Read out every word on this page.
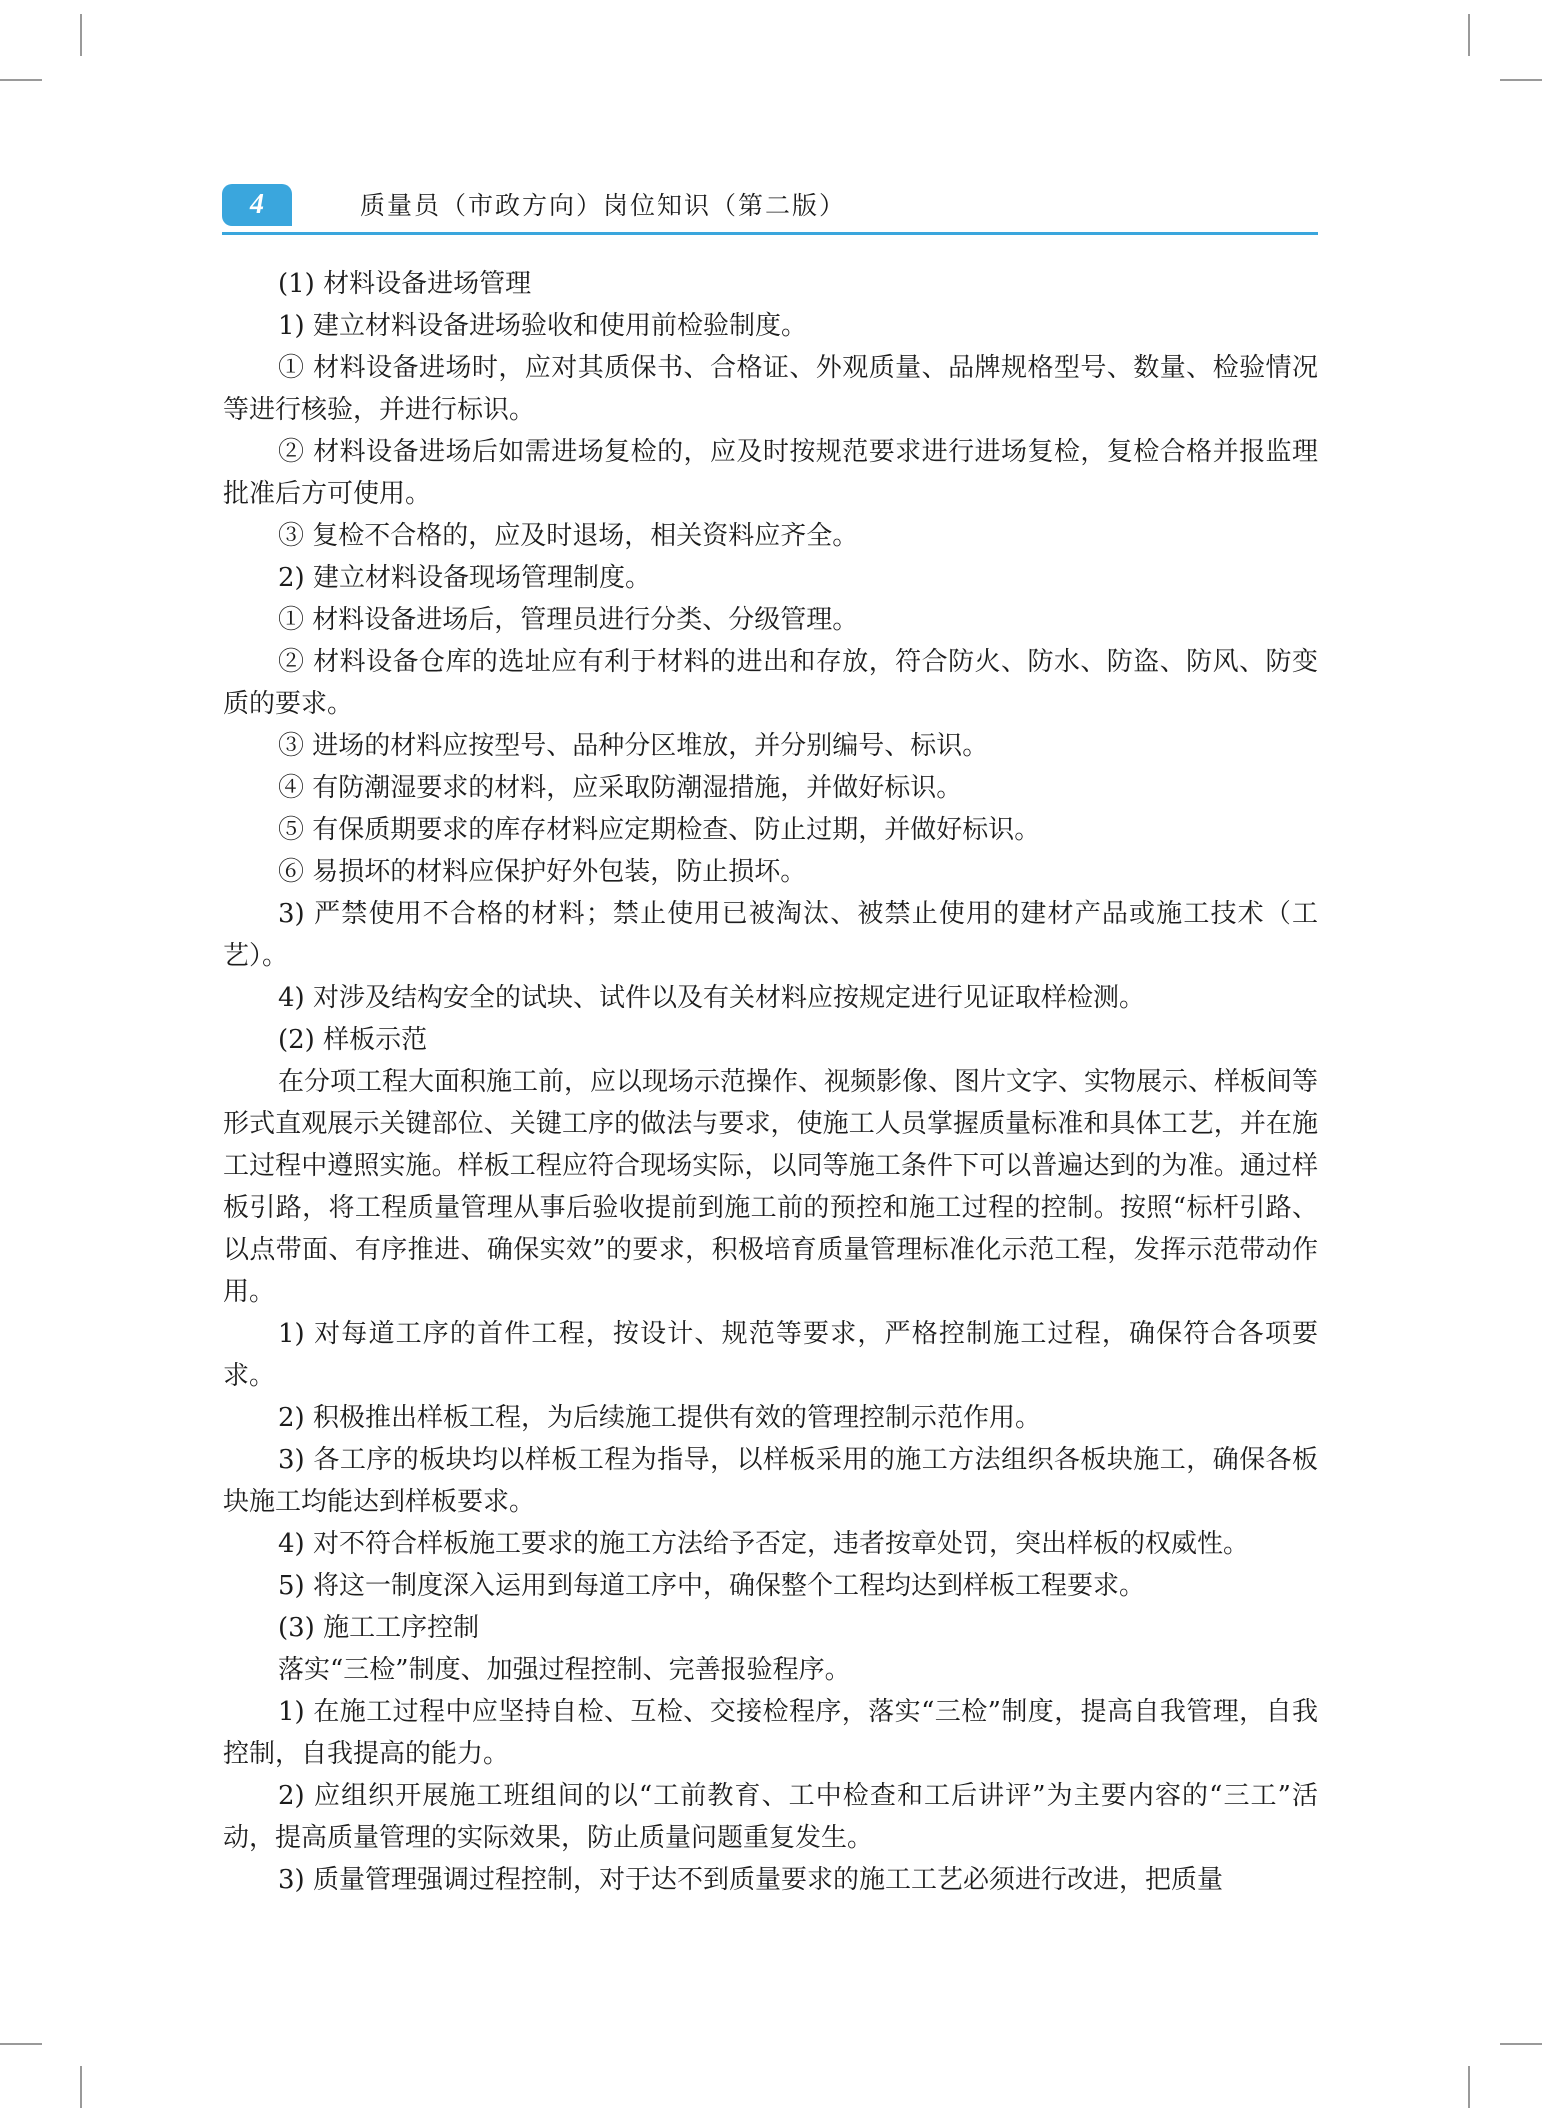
4	质量员（市政方向）岗位知识（第二版）

(1) 材料设备进场管理

1) 建立材料设备进场验收和使用前检验制度。

① 材料设备进场时，应对其质保书、合格证、外观质量、品牌规格型号、数量、检验情况等进行核验，并进行标识。

② 材料设备进场后如需进场复检的，应及时按规范要求进行进场复检，复检合格并报监理批准后方可使用。

③ 复检不合格的，应及时退场，相关资料应齐全。

2) 建立材料设备现场管理制度。

① 材料设备进场后，管理员进行分类、分级管理。

② 材料设备仓库的选址应有利于材料的进出和存放，符合防火、防水、防盗、防风、防变质的要求。

③ 进场的材料应按型号、品种分区堆放，并分别编号、标识。

④ 有防潮湿要求的材料，应采取防潮湿措施，并做好标识。

⑤ 有保质期要求的库存材料应定期检查、防止过期，并做好标识。

⑥ 易损坏的材料应保护好外包装，防止损坏。

3) 严禁使用不合格的材料；禁止使用已被淘汰、被禁止使用的建材产品或施工技术（工艺）。

4) 对涉及结构安全的试块、试件以及有关材料应按规定进行见证取样检测。

(2) 样板示范

在分项工程大面积施工前，应以现场示范操作、视频影像、图片文字、实物展示、样板间等形式直观展示关键部位、关键工序的做法与要求，使施工人员掌握质量标准和具体工艺，并在施工过程中遵照实施。样板工程应符合现场实际，以同等施工条件下可以普遍达到的为准。通过样板引路，将工程质量管理从事后验收提前到施工前的预控和施工过程的控制。按照“标杆引路、以点带面、有序推进、确保实效”的要求，积极培育质量管理标准化示范工程，发挥示范带动作用。

1) 对每道工序的首件工程，按设计、规范等要求，严格控制施工过程，确保符合各项要求。

2) 积极推出样板工程，为后续施工提供有效的管理控制示范作用。

3) 各工序的板块均以样板工程为指导，以样板采用的施工方法组织各板块施工，确保各板块施工均能达到样板要求。

4) 对不符合样板施工要求的施工方法给予否定，违者按章处罚，突出样板的权威性。

5) 将这一制度深入运用到每道工序中，确保整个工程均达到样板工程要求。

(3) 施工工序控制

落实“三检”制度、加强过程控制、完善报验程序。

1) 在施工过程中应坚持自检、互检、交接检程序，落实“三检”制度，提高自我管理，自我控制，自我提高的能力。

2) 应组织开展施工班组间的以“工前教育、工中检查和工后讲评”为主要内容的“三工”活动，提高质量管理的实际效果，防止质量问题重复发生。

3) 质量管理强调过程控制，对于达不到质量要求的施工工艺必须进行改进，把质量
